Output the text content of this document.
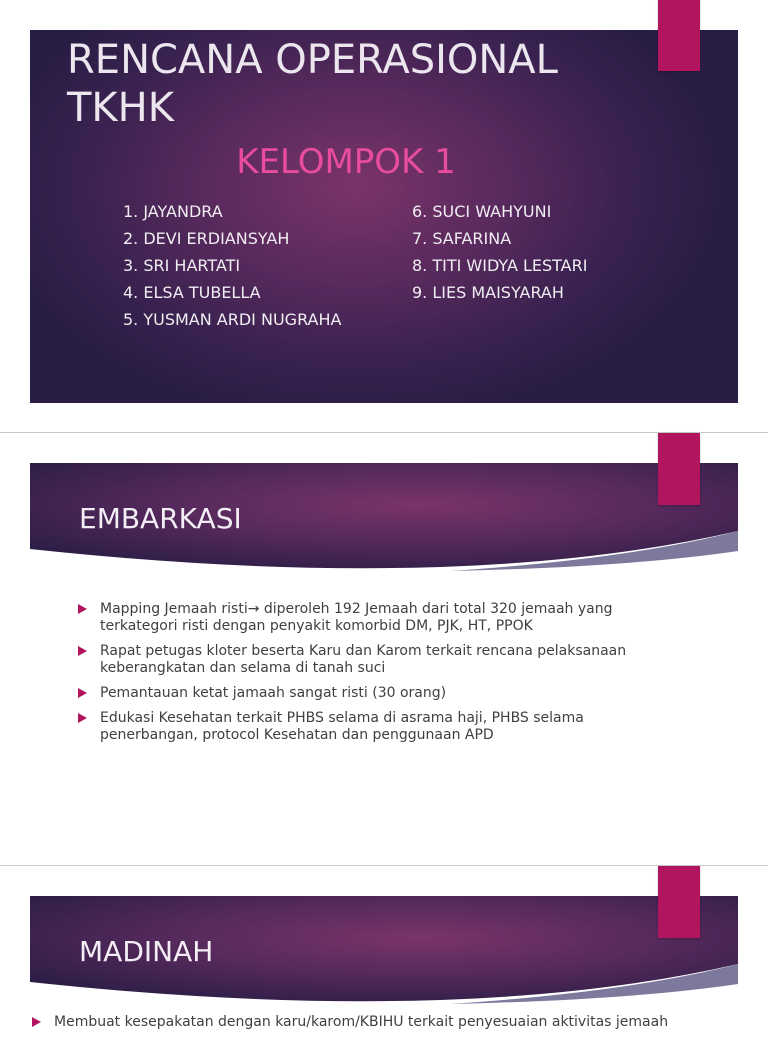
RENCANA OPERASIONAL TKHK
KELOMPOK 1
1. JAYANDRA
2. DEVI ERDIANSYAH
3. SRI HARTATI
4. ELSA TUBELLA
5. YUSMAN ARDI NUGRAHA
6. SUCI WAHYUNI
7. SAFARINA
8. TITI WIDYA LESTARI
9. LIES MAISYARAH
EMBARKASI
Mapping Jemaah risti→ diperoleh 192 Jemaah dari total 320 jemaah yang terkategori risti dengan penyakit komorbid DM, PJK, HT, PPOK
Rapat petugas kloter beserta Karu dan Karom terkait rencana pelaksanaan keberangkatan dan selama di tanah suci
Pemantauan ketat jamaah sangat risti (30 orang)
Edukasi Kesehatan terkait PHBS selama di asrama haji, PHBS selama penerbangan, protocol Kesehatan dan penggunaan APD
MADINAH
Membuat kesepakatan dengan karu/karom/KBIHU terkait penyesuaian aktivitas jemaah
